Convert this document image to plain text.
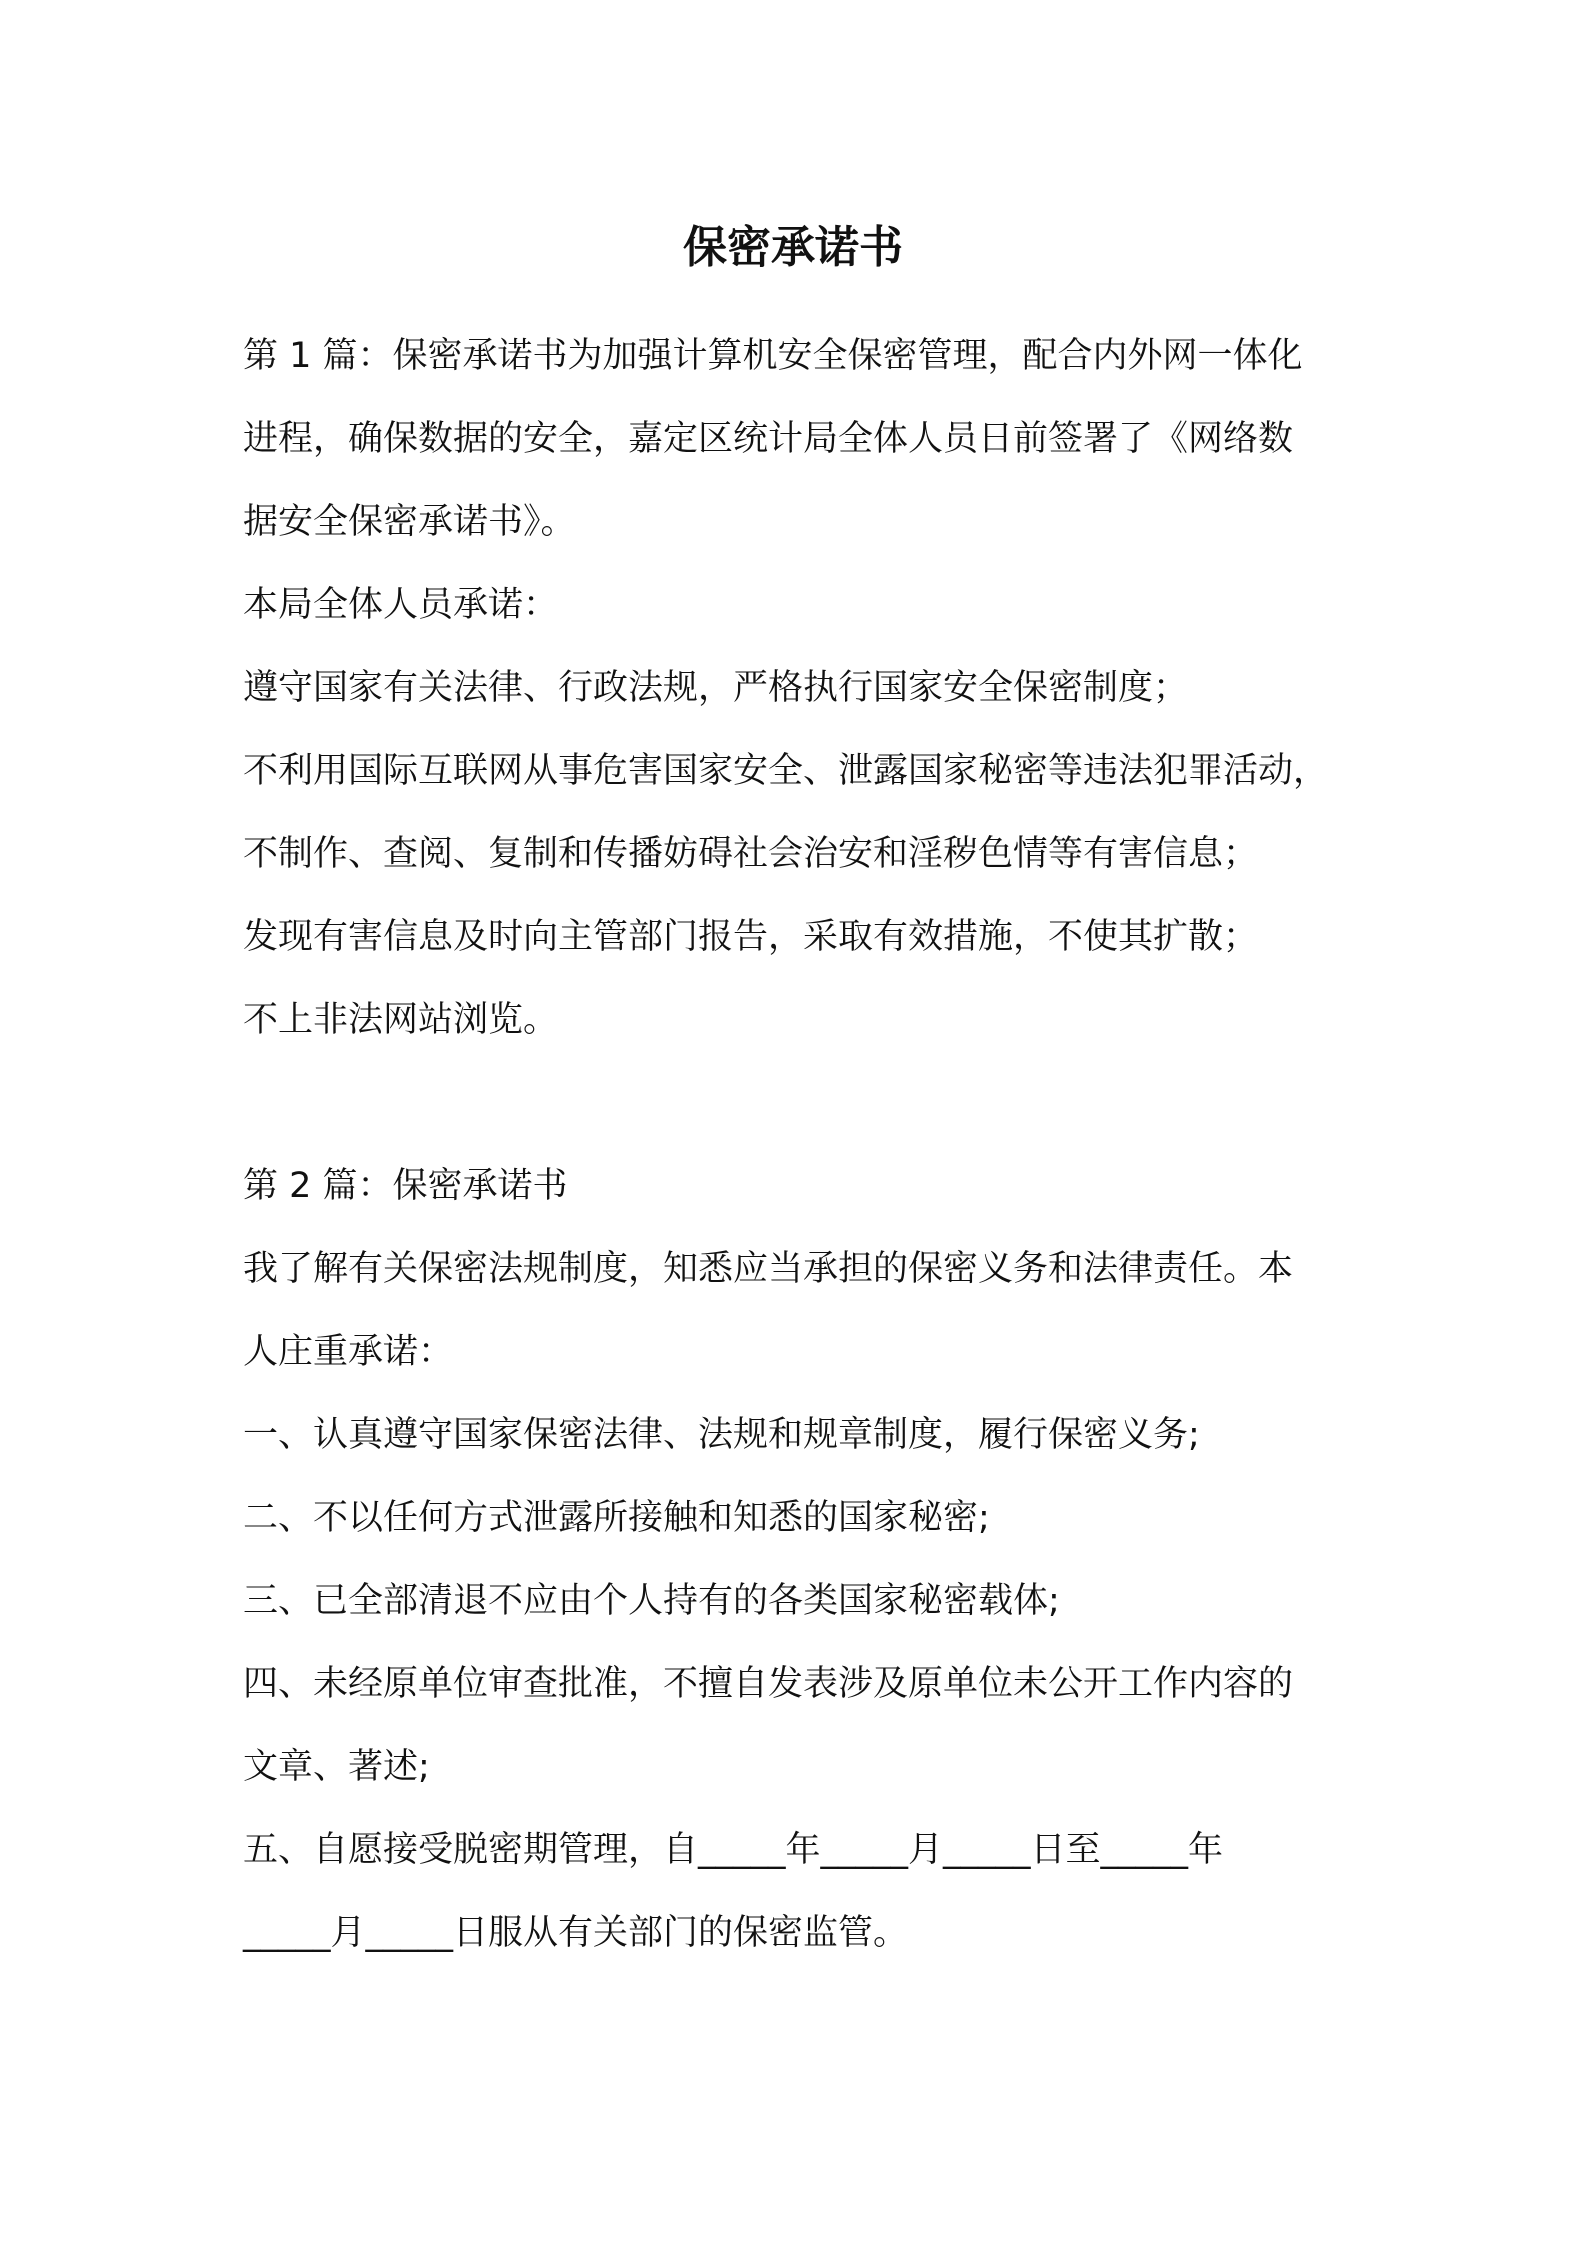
保密承诺书
第 1 篇：保密承诺书为加强计算机安全保密管理，配合内外网一体化
进程，确保数据的安全，嘉定区统计局全体人员日前签署了《网络数
据安全保密承诺书》。
本局全体人员承诺：
遵守国家有关法律、行政法规，严格执行国家安全保密制度；
不利用国际互联网从事危害国家安全、泄露国家秘密等违法犯罪活动，
不制作、查阅、复制和传播妨碍社会治安和淫秽色情等有害信息；
发现有害信息及时向主管部门报告，采取有效措施，不使其扩散；
不上非法网站浏览。
第 2 篇：保密承诺书
我了解有关保密法规制度，知悉应当承担的保密义务和法律责任。本
人庄重承诺：
一、认真遵守国家保密法律、法规和规章制度，履行保密义务;
二、不以任何方式泄露所接触和知悉的国家秘密;
三、已全部清退不应由个人持有的各类国家秘密载体;
四、未经原单位审查批准，不擅自发表涉及原单位未公开工作内容的
文章、著述;
五、自愿接受脱密期管理，自_____年_____月_____日至_____年
_____月_____日服从有关部门的保密监管。
